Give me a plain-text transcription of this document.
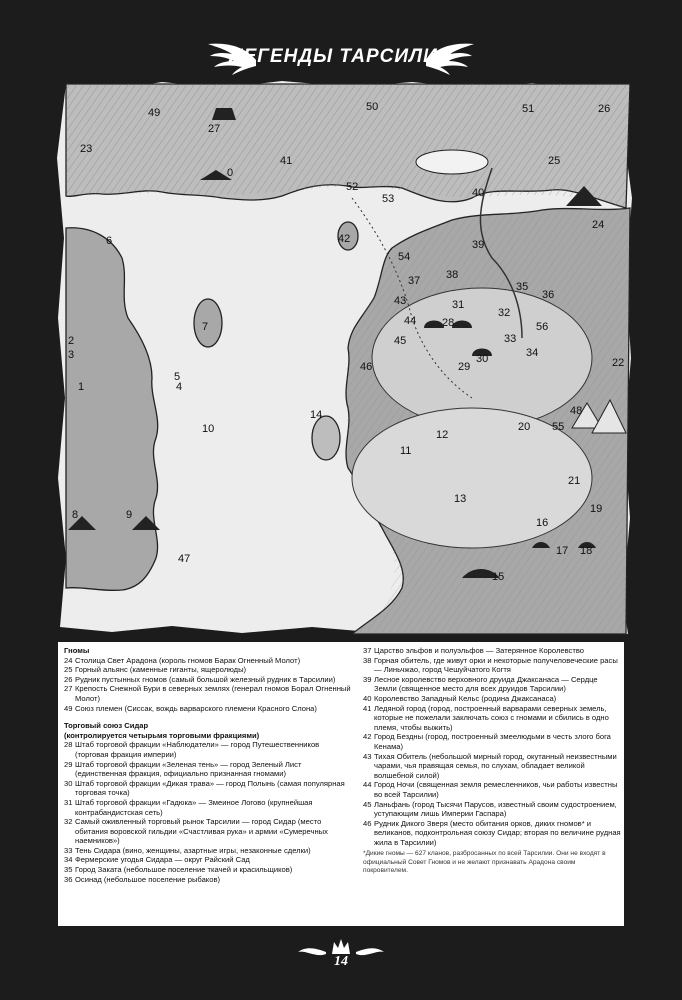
ЛЕГЕНДЫ ТАРСИЛИИ
0
1
2
3
4
5
6
7
8	9
10
11
12
13
14
15
16
17 18
19
20
21
22
23
24
25
26
27
28
29
30
31
32
33
34
35
36
37 38
39
40
41
42
43
44
45
46
47
48
49	50	51
52
53
54
55
56
Гномы
24 Столица Свет Арадона (король гномов Барак Огненный Молот)
25 Горный альянс (каменные гиганты, ящеролюды)
26 Рудник пустынных гномов (самый большой железный рудник в Тарсилии)
27 Крепость Снежной Бури в северных землях (генерал гномов Борал Огненный Молот)
49 Союз племен (Сиссак, вождь варварского племени Красного Слона)
Торговый союз Сидар
(контролируется четырьмя торговыми фракциями)
28 Штаб торговой фракции «Наблюдатели» — город Путешественников (торговая фракция империи)
29 Штаб торговой фракции «Зеленая тень» — город Зеленый Лист (единственная фракция, официально признанная гномами)
30 Штаб торговой фракции «Дикая трава» — город Полынь (самая популярная торговая точка)
31 Штаб торговой фракции «Гадюка» — Змеиное Логово (крупнейшая контрабандистская сеть)
32 Самый оживленный торговый рынок Тарсилии — город Сидар (место обитания воровской гильдии «Счастливая рука» и армии «Сумеречных наемников»)
33 Тень Сидара (вино, женщины, азартные игры, незаконные сделки)
34 Фермерские угодья Сидара — округ Райский Сад
35 Город Заката (небольшое поселение ткачей и красильщиков)
36 Осинад (небольшое поселение рыбаков)
37 Царство эльфов и полуэльфов — Затерянное Королевство
38 Горная обитель, где живут орки и некоторые получеловеческие расы — Линьчжао, город Чешуйчатого Когтя
39 Лесное королевство верховного друида Джаксанаса — Сердце Земли (священное место для всех друидов Тарсилии)
40 Королевство Западный Кельс (родина Джаксанаса)
41 Ледяной город (город, построенный варварами северных земель, которые не пожелали заключать союз с гномами и сбились в одно племя, чтобы выжить)
42 Город Бездны (город, построенный змеелюдьми в честь злого бога Кенама)
43 Тихая Обитель (небольшой мирный город, окутанный неизвестными чарами, чья правящая семья, по слухам, обладает великой волшебной силой)
44 Город Ночи (священная земля ремесленников, чьи работы известны во всей Тарсилии)
45 Ланьфань (город Тысячи Парусов, известный своим судостроением, уступающим лишь Империи Гаспара)
46 Рудник Дикого Зверя (место обитания орков, диких гномов* и великанов, подконтрольная союзу Сидар; вторая по величине рудная жила в Тарсилии)
*Дикие гномы — 627 кланов, разбросанных по всей Тарсилии. Они не входят в официальный Совет Гномов и не желают признавать Арадона своим покровителем.
14
